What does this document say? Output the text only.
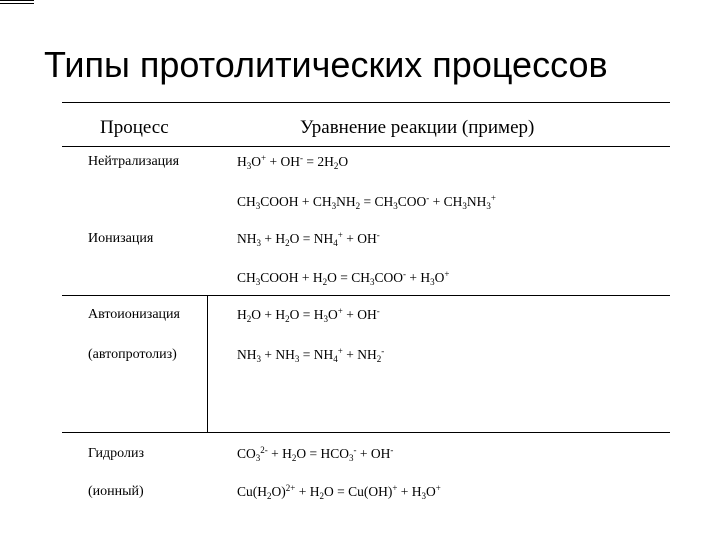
Типы протолитических процессов
Процесс	Уравнение реакции (пример)
Нейтрализация
Ионизация
Автоионизация
(автопротолиз)
Гидролиз
(ионный)
$H_3O^+ + OH^- = 2H_2O$
$CH_3COOH + CH_3NH_2 = CH_3COO^- + CH_3NH_3^+$
$NH_3 + H_2O = NH_4^+ + OH^-$
$CH_3COOH + H_2O = CH_3COO^- + H_3O^+$
$H_2O + H_2O = H_3O^+ + OH^-$
$NH_3 + NH_3 = NH_4^+ + NH_2^-$
$CO_3^{2-} + H_2O = HCO_3^- + OH^-$
$Cu(H_2O)^{2+} + H_2O = Cu(OH)^+ + H_3O^+$
